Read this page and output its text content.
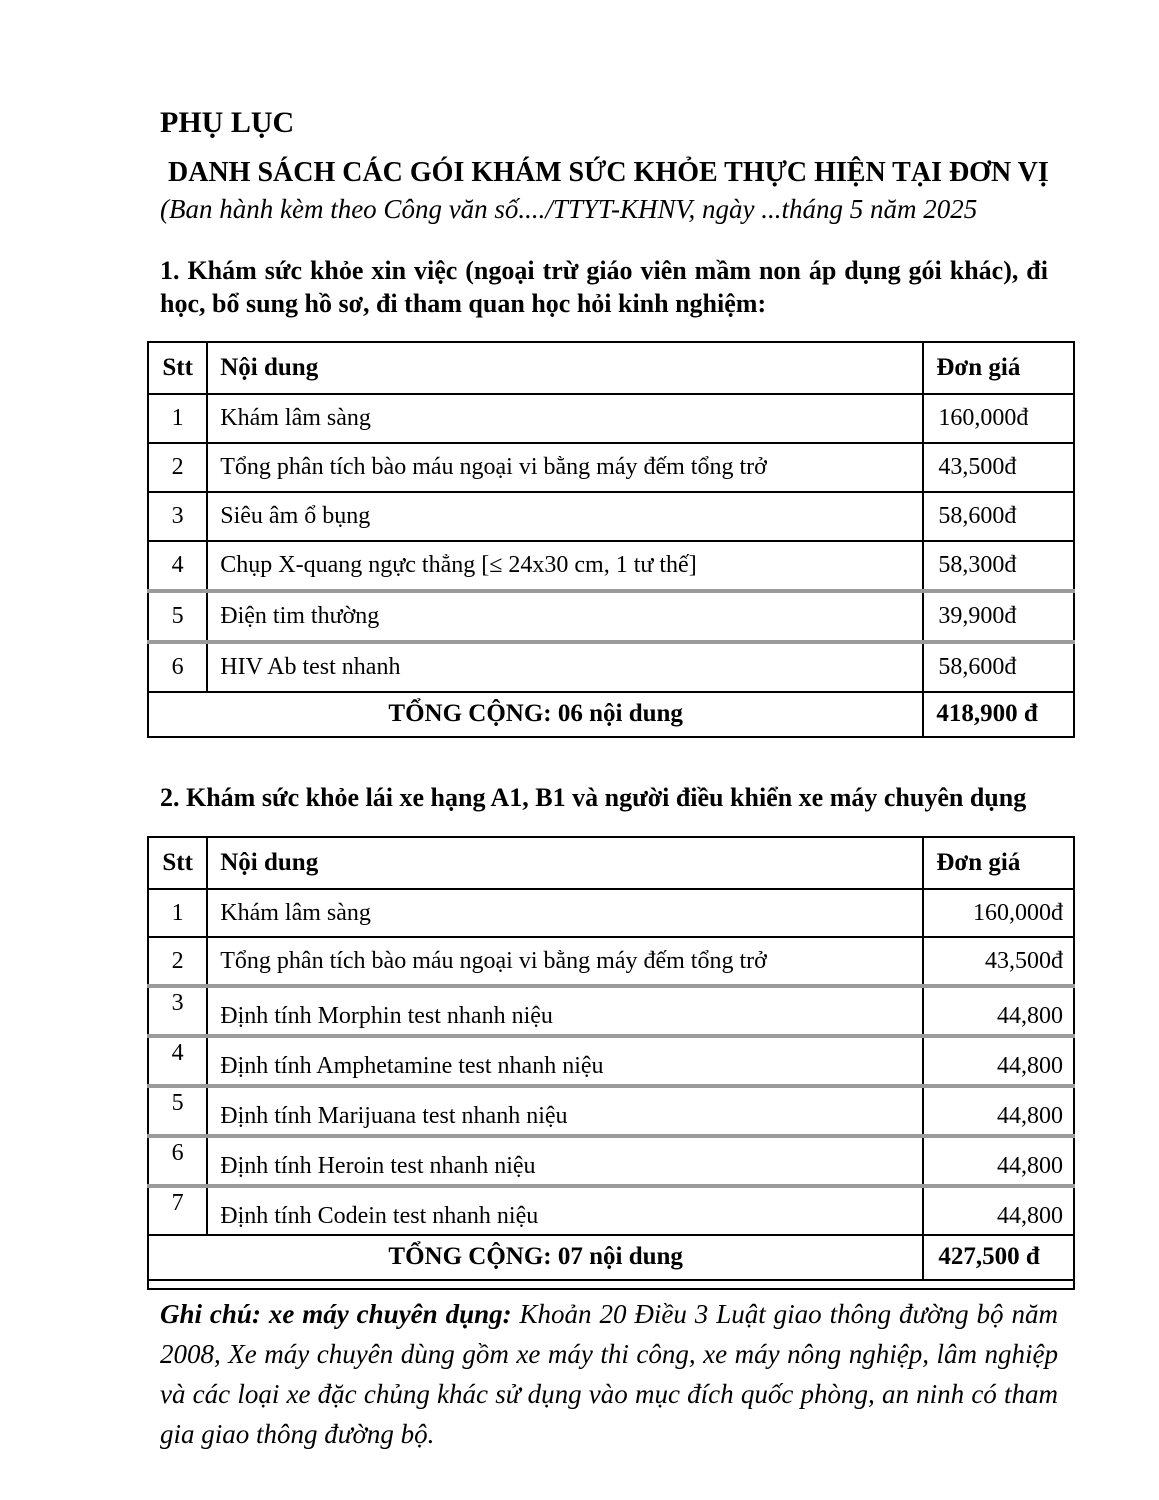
PHỤ LỤC

DANH SÁCH CÁC GÓI KHÁM SỨC KHỎE THỰC HIỆN TẠI ĐƠN VỊ

(Ban hành kèm theo Công văn số..../TTYT-KHNV, ngày ...tháng 5 năm 2025

1. Khám sức khỏe xin việc (ngoại trừ giáo viên mầm non áp dụng gói khác), đi học, bổ sung hồ sơ, đi tham quan học hỏi kinh nghiệm:

Stt	Nội dung	Đơn giá
1	Khám lâm sàng	160,000đ
2	Tổng phân tích bào máu ngoại vi bằng máy đếm tổng trở	43,500đ
3	Siêu âm ổ bụng	58,600đ
4	Chụp X-quang ngực thẳng [≤ 24x30 cm, 1 tư thế]	58,300đ
5	Điện tim thường	39,900đ
6	HIV Ab test nhanh	58,600đ
TỔNG CỘNG: 06 nội dung		418,900 đ

2. Khám sức khỏe lái xe hạng A1, B1 và người điều khiển xe máy chuyên dụng

Stt	Nội dung	Đơn giá
1	Khám lâm sàng	160,000đ
2	Tổng phân tích bào máu ngoại vi bằng máy đếm tổng trở	43,500đ
3	Định tính Morphin test nhanh niệu	44,800
4	Định tính Amphetamine test nhanh niệu	44,800
5	Định tính Marijuana test nhanh niệu	44,800
6	Định tính Heroin test nhanh niệu	44,800
7	Định tính Codein test nhanh niệu	44,800
TỔNG CỘNG: 07 nội dung		427,500 đ

Ghi chú: xe máy chuyên dụng: Khoản 20 Điều 3 Luật giao thông đường bộ năm 2008, Xe máy chuyên dùng gồm xe máy thi công, xe máy nông nghiệp, lâm nghiệp và các loại xe đặc chủng khác sử dụng vào mục đích quốc phòng, an ninh có tham gia giao thông đường bộ.
